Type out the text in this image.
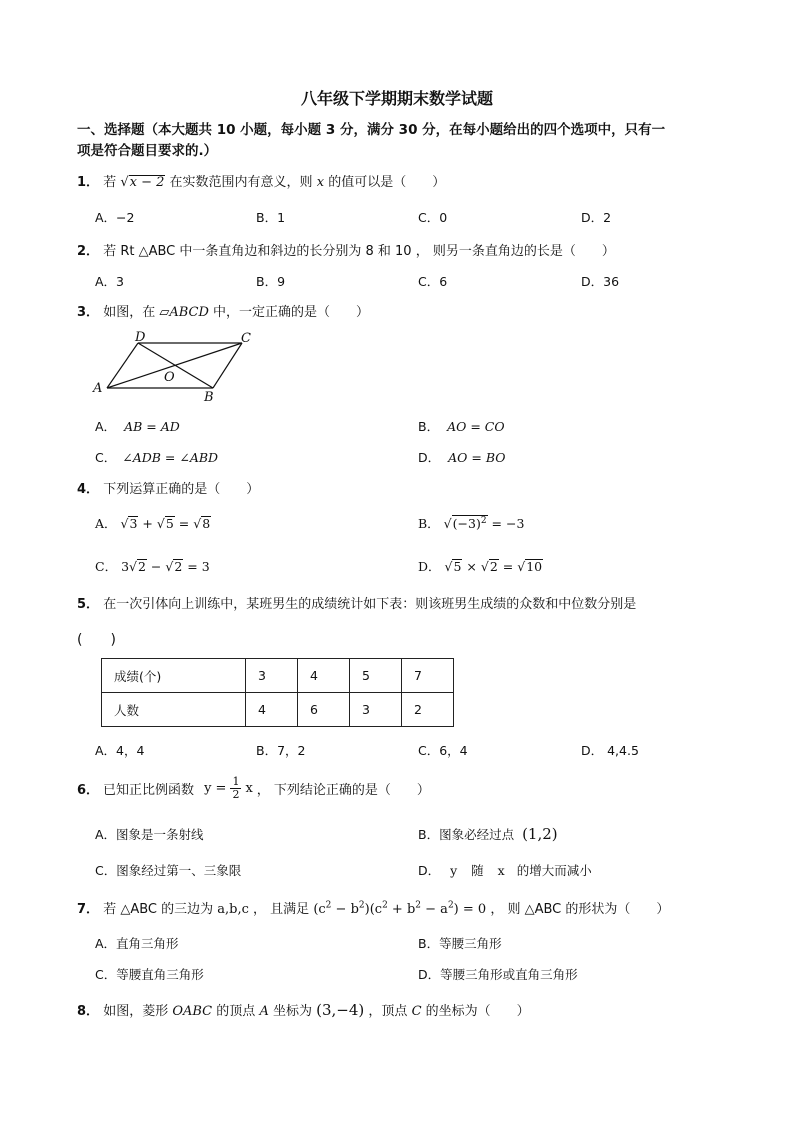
八年级下学期期末数学试题
一、选择题（本大题共 10 小题，每小题 3 分，满分 30 分，在每小题给出的四个选项中，只有一
项是符合题目要求的.）
1． 若 √x − 2 在实数范围内有意义，则 x 的值可以是（　　）
A．−2	B．1	C．0	D．2
2． 若 Rt △ABC 中一条直角边和斜边的长分别为 8 和 10 ， 则另一条直角边的长是（　　）
A．3	B．9	C．6	D．36
3． 如图，在 ▱ABCD 中，一定正确的是（　　）
A
B
C
D
O
A． AB = AD	B． AO = CO
C． ∠ADB = ∠ABD	D． AO = BO
4． 下列运算正确的是（　　）
A． √3 + √5 = √8	B． $√(-3)^2 = -3$
C． 3√2 − √2 = 3	D． √5 × √2 = √10
5． 在一次引体向上训练中，某班男生的成绩统计如下表：则该班男生成绩的众数和中位数分别是
(　　)
成绩(个)	3	4	5	7
人数	4	6	3	2
A．4，4	B．7，2	C．6，4	D． 4,4.5
6． 已知正比例函数 $y = \frac{1}{2}$ x ， 下列结论正确的是（　　）
A．图象是一条射线	B．图象必经过点 (1,2)
C．图象经过第一、三象限	D． y 随 x 的增大而减小
7． 若 △ABC 的三边为 a,b,c ， 且满足 $(c^2 - b^2)(c^2 + b^2 - a^2) = 0$ ， 则 △ABC 的形状为（　　）
A．直角三角形	B．等腰三角形
C．等腰直角三角形	D．等腰三角形或直角三角形
8． 如图，菱形 OABC 的顶点 A 坐标为 (3,−4) ，顶点 C 的坐标为（　　）
